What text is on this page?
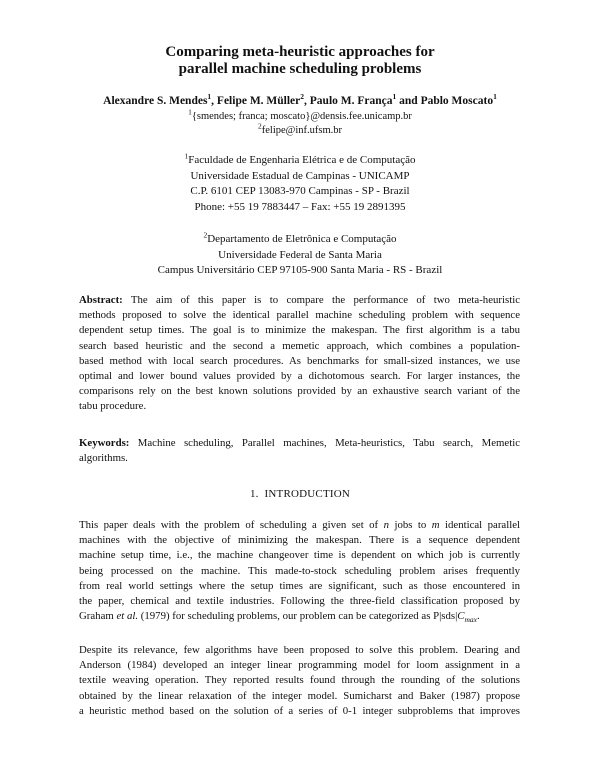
Comparing meta-heuristic approaches for
parallel machine scheduling problems
Alexandre S. Mendes$^1$, Felipe M. Müller$^2$, Paulo M. França$^1$ and Pablo Moscato$^1$
$^1${smendes; franca; moscato}@densis.fee.unicamp.br
$^2$felipe@inf.ufsm.br
$^1$Faculdade de Engenharia Elétrica e de Computação
Universidade Estadual de Campinas - UNICAMP
C.P. 6101 CEP 13083-970 Campinas - SP - Brazil
Phone: +55 19 7883447 – Fax: +55 19 2891395
$^2$Departamento de Eletrônica e Computação
Universidade Federal de Santa Maria
Campus Universitário CEP 97105-900 Santa Maria - RS - Brazil
Abstract: The aim of this paper is to compare the performance of two meta-heuristic
methods proposed to solve the identical parallel machine scheduling problem with sequence
dependent setup times. The goal is to minimize the makespan. The first algorithm is a tabu
search based heuristic and the second a memetic approach, which combines a population-
based method with local search procedures. As benchmarks for small-sized instances, we use
optimal and lower bound values provided by a dichotomous search. For larger instances, the
comparisons rely on the best known solutions provided by an exhaustive search variant of the
tabu procedure.
Keywords: Machine scheduling, Parallel machines, Meta-heuristics, Tabu search, Memetic
algorithms.
1. INTRODUCTION
This paper deals with the problem of scheduling a given set of n jobs to m identical parallel
machines with the objective of minimizing the makespan. There is a sequence dependent
machine setup time, i.e., the machine changeover time is dependent on which job is currently
being processed on the machine. This made-to-stock scheduling problem arises frequently
from real world settings where the setup times are significant, such as those encountered in
the paper, chemical and textile industries. Following the three-field classification proposed by
Graham et al. (1979) for scheduling problems, our problem can be categorized as $P|sds|C_{max}$.
Despite its relevance, few algorithms have been proposed to solve this problem. Dearing and
Anderson (1984) developed an integer linear programming model for loom assignment in a
textile weaving operation. They reported results found through the rounding of the solutions
obtained by the linear relaxation of the integer model. Sumicharst and Baker (1987) propose
a heuristic method based on the solution of a series of 0-1 integer subproblems that improves
